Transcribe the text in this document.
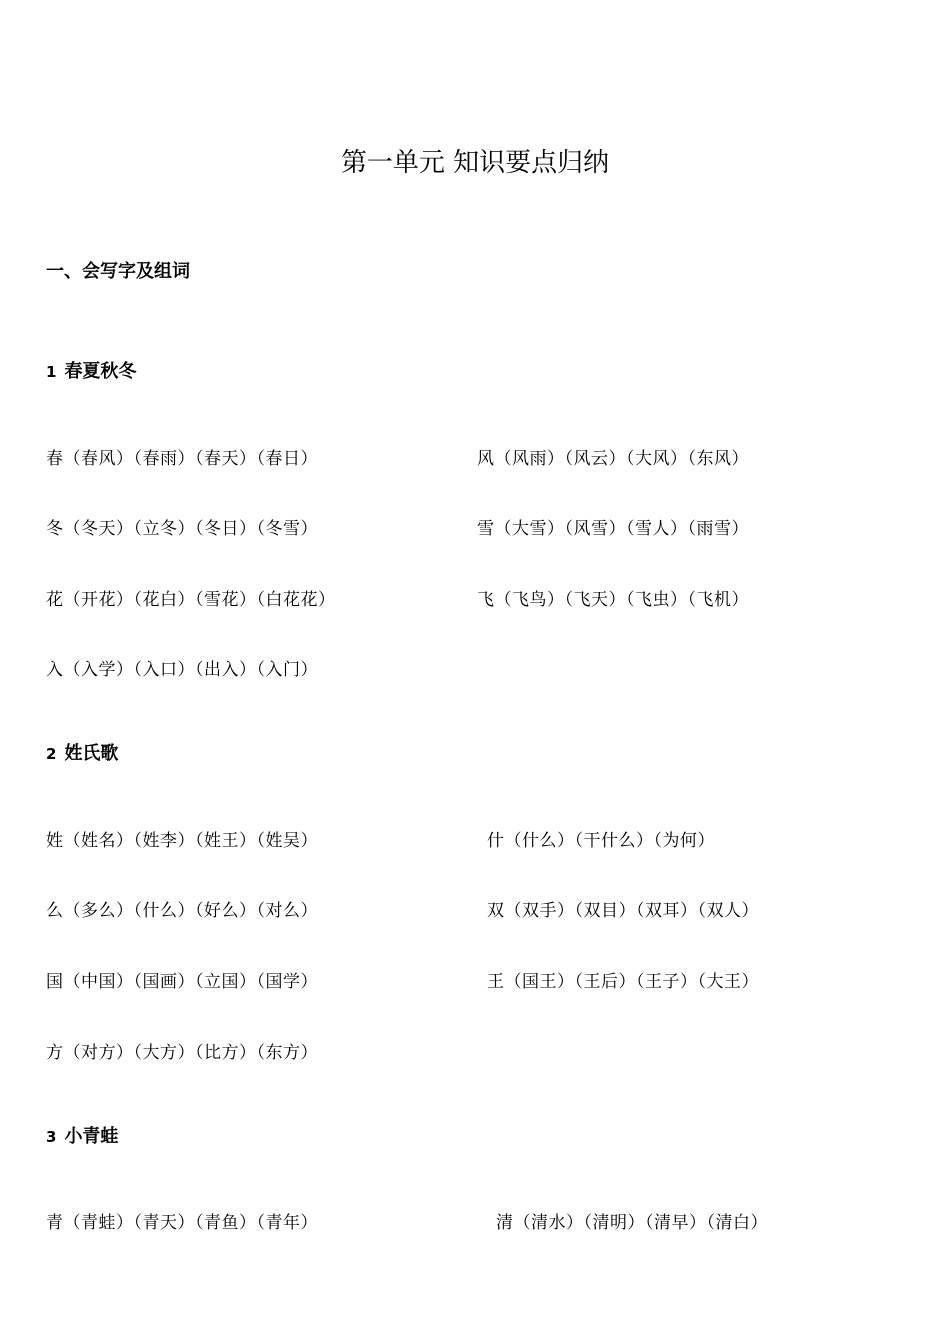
第一单元 知识要点归纳
一、会写字及组词
1 春夏秋冬
春（春风）（春雨）（春天）（春日）	风（风雨）（风云）（大风）（东风）
冬（冬天）（立冬）（冬日）（冬雪）	雪（大雪）（风雪）（雪人）（雨雪）
花（开花）（花白）（雪花）（白花花）	飞（飞鸟）（飞天）（飞虫）（飞机）
入（入学）（入口）（出入）（入门）
2 姓氏歌
姓（姓名）（姓李）（姓王）（姓吴）	什（什么）（干什么）（为何）
么（多么）（什么）（好么）（对么）	双（双手）（双目）（双耳）（双人）
国（中国）（国画）（立国）（国学）	王（国王）（王后）（王子）（大王）
方（对方）（大方）（比方）（东方）
3 小青蛙
青（青蛙）（青天）（青鱼）（青年）	清（清水）（清明）（清早）（清白）
